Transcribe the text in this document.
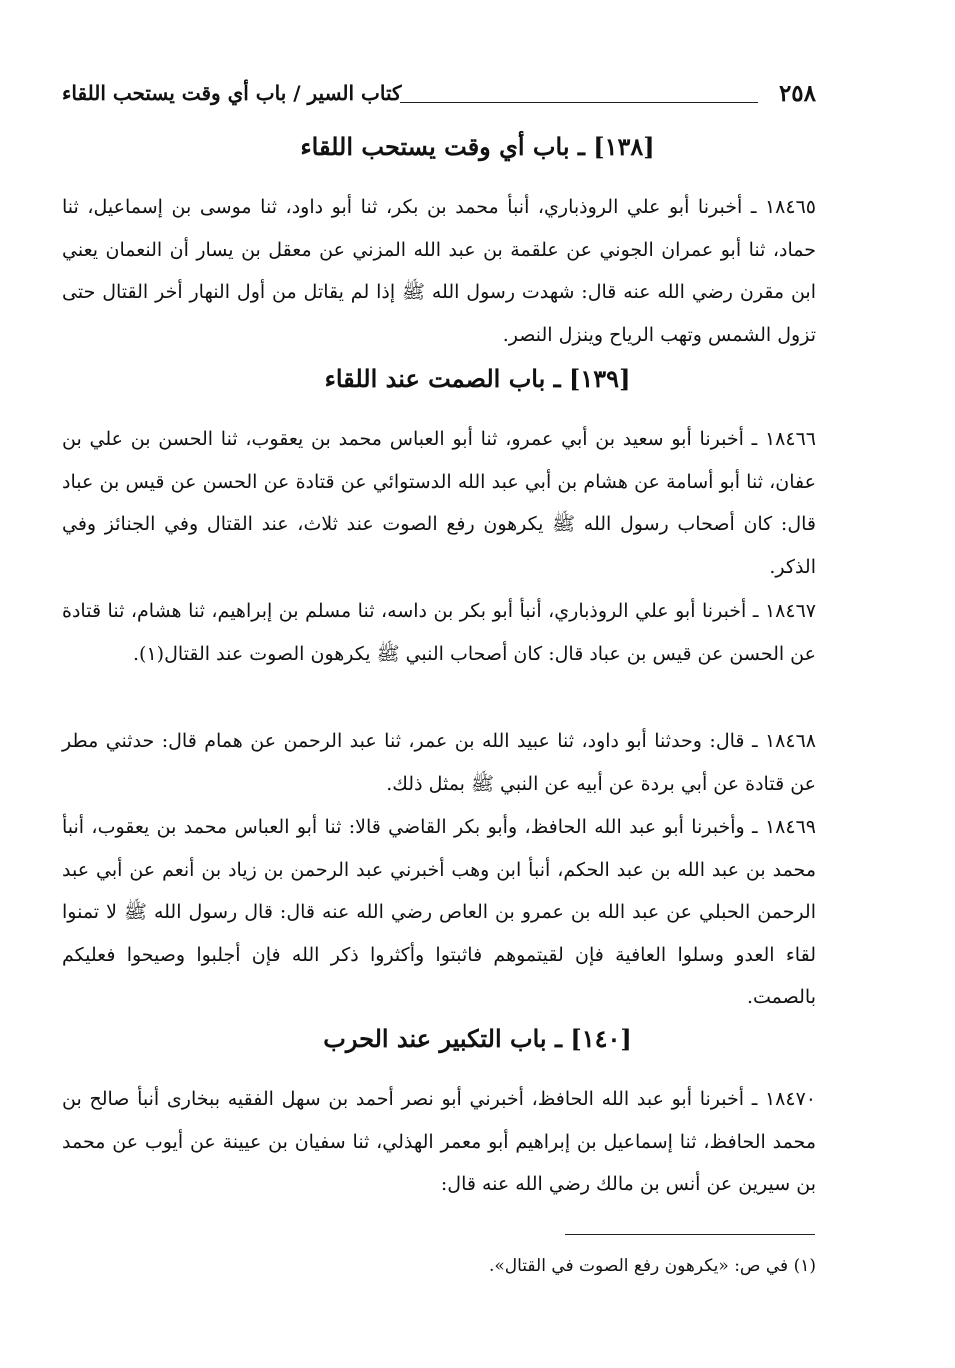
٢٥٨
كتاب السير / باب أي وقت يستحب اللقاء
[١٣٨] ـ باب أي وقت يستحب اللقاء

١٨٤٦٥ ـ أخبرنا أبو علي الروذباري، أنبأ محمد بن بكر، ثنا أبو داود، ثنا موسى بن إسماعيل، ثنا حماد، ثنا أبو عمران الجوني عن علقمة بن عبد الله المزني عن معقل بن يسار أن النعمان يعني ابن مقرن رضي الله عنه قال: شهدت رسول الله ﷺ إذا لم يقاتل من أول النهار أخر القتال حتى تزول الشمس وتهب الرياح وينزل النصر.

[١٣٩] ـ باب الصمت عند اللقاء

١٨٤٦٦ ـ أخبرنا أبو سعيد بن أبي عمرو، ثنا أبو العباس محمد بن يعقوب، ثنا الحسن بن علي بن عفان، ثنا أبو أسامة عن هشام بن أبي عبد الله الدستوائي عن قتادة عن الحسن عن قيس بن عباد قال: كان أصحاب رسول الله ﷺ يكرهون رفع الصوت عند ثلاث، عند القتال وفي الجنائز وفي الذكر.

١٨٤٦٧ ـ أخبرنا أبو علي الروذباري، أنبأ أبو بكر بن داسه، ثنا مسلم بن إبراهيم، ثنا هشام، ثنا قتادة عن الحسن عن قيس بن عباد قال: كان أصحاب النبي ﷺ يكرهون الصوت عند القتال(١).

١٨٤٦٨ ـ قال: وحدثنا أبو داود، ثنا عبيد الله بن عمر، ثنا عبد الرحمن عن همام قال: حدثني مطر عن قتادة عن أبي بردة عن أبيه عن النبي ﷺ بمثل ذلك.

١٨٤٦٩ ـ وأخبرنا أبو عبد الله الحافظ، وأبو بكر القاضي قالا: ثنا أبو العباس محمد بن يعقوب، أنبأ محمد بن عبد الله بن عبد الحكم، أنبأ ابن وهب أخبرني عبد الرحمن بن زياد بن أنعم عن أبي عبد الرحمن الحبلي عن عبد الله بن عمرو بن العاص رضي الله عنه قال: قال رسول الله ﷺ لا تمنوا لقاء العدو وسلوا العافية فإن لقيتموهم فاثبتوا وأكثروا ذكر الله فإن أجلبوا وصيحوا فعليكم بالصمت.

[١٤٠] ـ باب التكبير عند الحرب

١٨٤٧٠ ـ أخبرنا أبو عبد الله الحافظ، أخبرني أبو نصر أحمد بن سهل الفقيه ببخارى أنبأ صالح بن محمد الحافظ، ثنا إسماعيل بن إبراهيم أبو معمر الهذلي، ثنا سفيان بن عيينة عن أيوب عن محمد بن سيرين عن أنس بن مالك رضي الله عنه قال:

(١) في ص: «يكرهون رفع الصوت في القتال».
